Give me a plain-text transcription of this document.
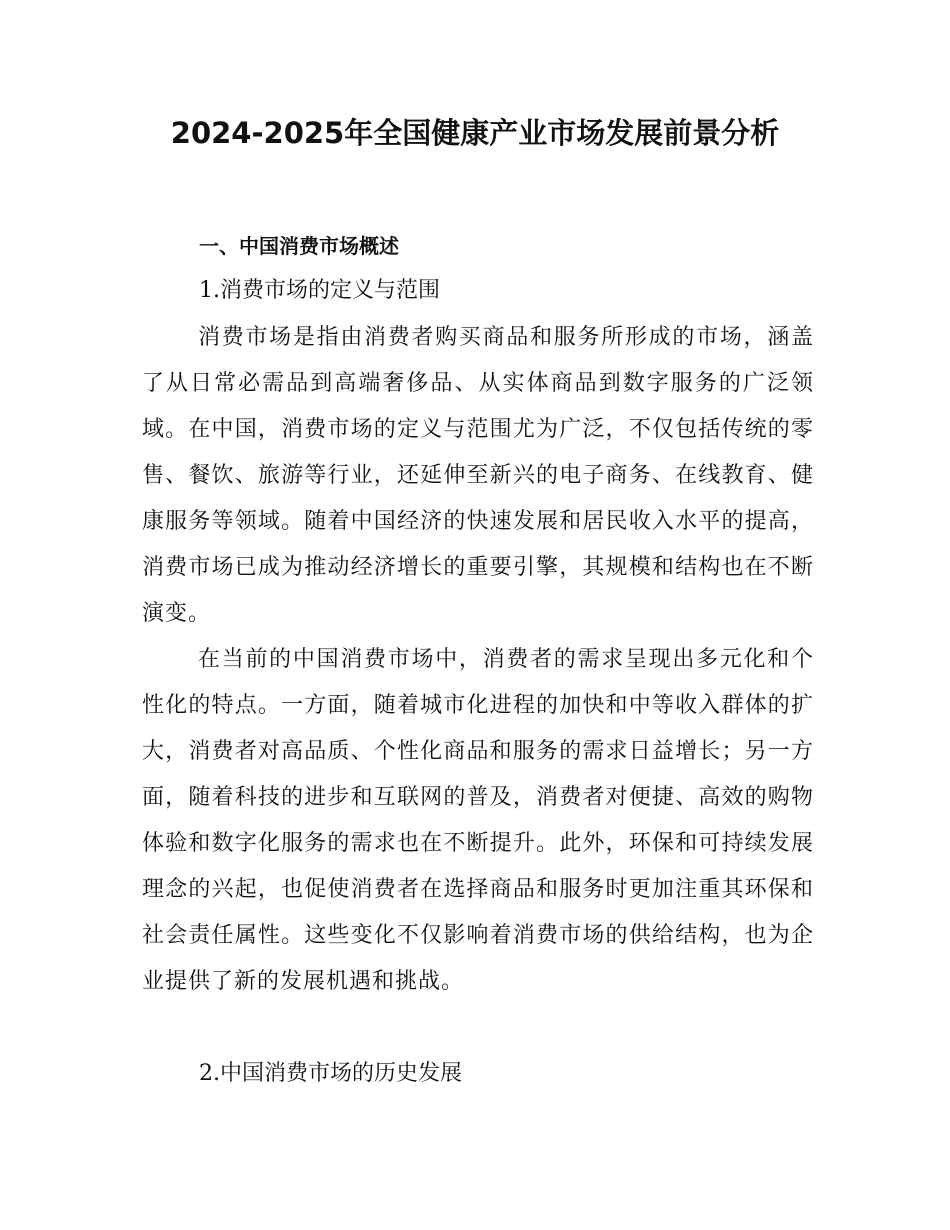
2024-2025年全国健康产业市场发展前景分析
一、中国消费市场概述
1.消费市场的定义与范围

消费市场是指由消费者购买商品和服务所形成的市场，涵盖了从日常必需品到高端奢侈品、从实体商品到数字服务的广泛领域。在中国，消费市场的定义与范围尤为广泛，不仅包括传统的零售、餐饮、旅游等行业，还延伸至新兴的电子商务、在线教育、健康服务等领域。随着中国经济的快速发展和居民收入水平的提高，消费市场已成为推动经济增长的重要引擎，其规模和结构也在不断演变。

在当前的中国消费市场中，消费者的需求呈现出多元化和个性化的特点。一方面，随着城市化进程的加快和中等收入群体的扩大，消费者对高品质、个性化商品和服务的需求日益增长；另一方面，随着科技的进步和互联网的普及，消费者对便捷、高效的购物体验和数字化服务的需求也在不断提升。此外，环保和可持续发展理念的兴起，也促使消费者在选择商品和服务时更加注重其环保和社会责任属性。这些变化不仅影响着消费市场的供给结构，也为企业提供了新的发展机遇和挑战。

2.中国消费市场的历史发展
